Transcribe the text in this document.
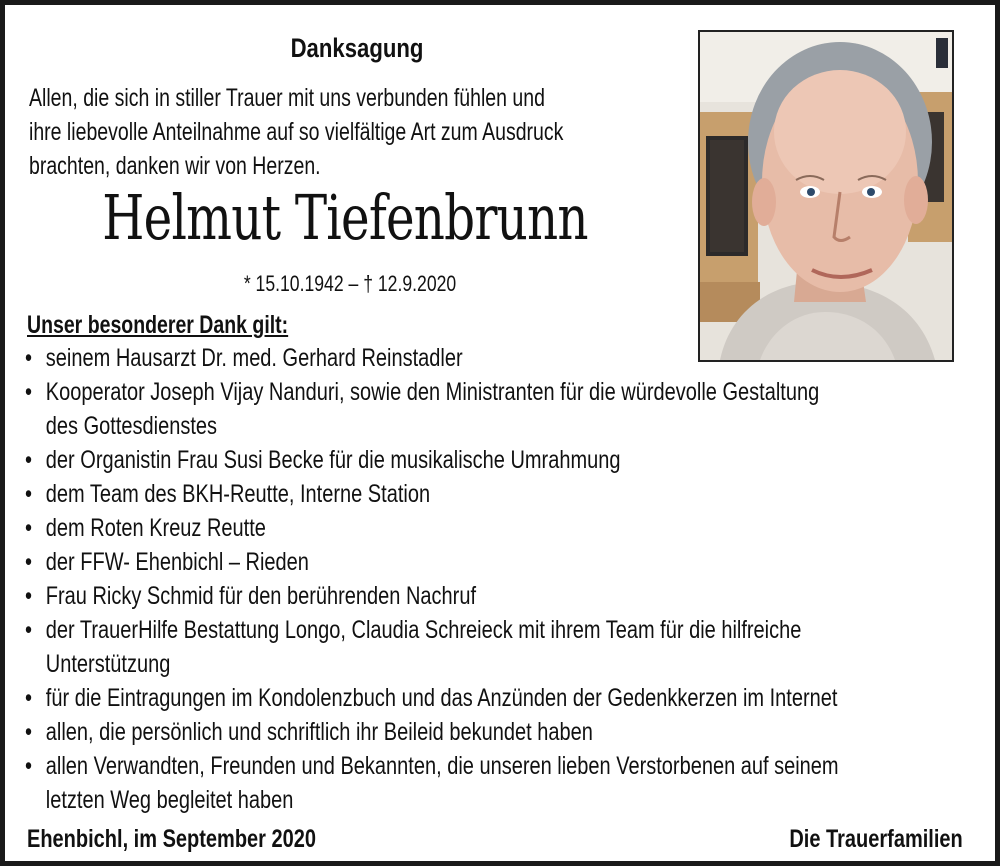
Danksagung
Allen, die sich in stiller Trauer mit uns verbunden fühlen und
ihre liebevolle Anteilnahme auf so vielfältige Art zum Ausdruck
brachten, danken wir von Herzen.
Helmut Tiefenbrunn
* 15.10.1942 – † 12.9.2020
Unser besonderer Dank gilt:
• seinem Hausarzt Dr. med. Gerhard Reinstadler
• Kooperator Joseph Vijay Nanduri, sowie den Ministranten für die würdevolle Gestaltung
des Gottesdienstes
• der Organistin Frau Susi Becke für die musikalische Umrahmung
• dem Team des BKH-Reutte, Interne Station
• dem Roten Kreuz Reutte
• der FFW- Ehenbichl – Rieden
• Frau Ricky Schmid für den berührenden Nachruf
• der TrauerHilfe Bestattung Longo, Claudia Schreieck mit ihrem Team für die hilfreiche
Unterstützung
• für die Eintragungen im Kondolenzbuch und das Anzünden der Gedenkkerzen im Internet
• allen, die persönlich und schriftlich ihr Beileid bekundet haben
• allen Verwandten, Freunden und Bekannten, die unseren lieben Verstorbenen auf seinem
letzten Weg begleitet haben
Ehenbichl, im September 2020	Die Trauerfamilien
